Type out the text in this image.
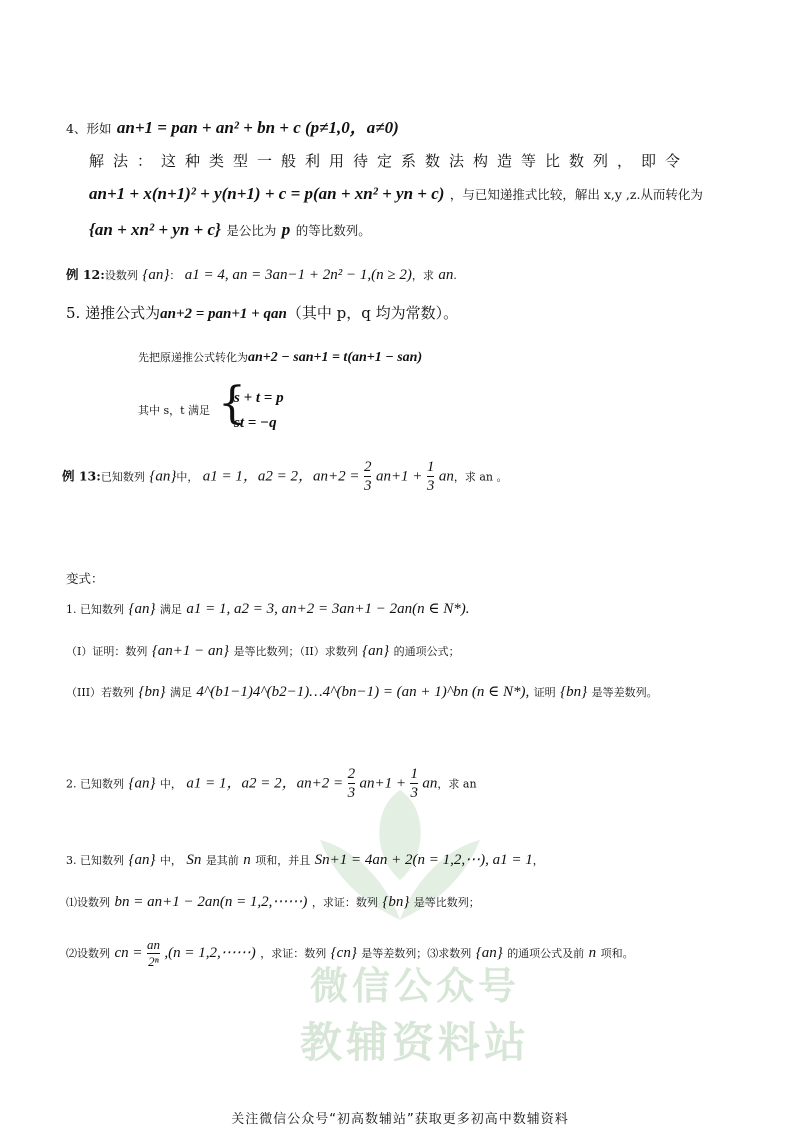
微信公众号
教辅资料站
4、形如 an+1 = pan + an² + bn + c (p≠1,0，a≠0)
解法：这种类型一般利用待定系数法构造等比数列，即令
an+1 + x(n+1)² + y(n+1) + c = p(an + xn² + yn + c) ，与已知递推式比较，解出 x,y ,z.从而转化为
{an + xn² + yn + c} 是公比为 p 的等比数列。
例 12:设数列 {an}： a1 = 4, an = 3an−1 + 2n² − 1,(n ≥ 2)，求 an.
5. 递推公式为an+2 = pan+1 + qan（其中 p，q 均为常数）。
先把原递推公式转化为an+2 − san+1 = t(an+1 − san)
其中 s，t 满足 {
s + t = p
st = −q
例 13:已知数列 {an}中， a1 = 1，a2 = 2，$an+2 = \frac{2}{3} an+1 + \frac{1}{3}$ an，求 an 。
变式：
1. 已知数列 {an} 满足 a1 = 1, a2 = 3, an+2 = 3an+1 − 2an(n ∈ N*).
（I）证明：数列 {an+1 − an} 是等比数列；（II）求数列 {an} 的通项公式；
（III）若数列 {bn} 满足 4^(b1−1)4^(b2−1)…4^(bn−1) = (an + 1)^bn (n ∈ N*), 证明 {bn} 是等差数列。
2. 已知数列 {an} 中， a1 = 1，a2 = 2，$an+2 = \frac{2}{3} an+1 + \frac{1}{3}$ an，求 an
3. 已知数列 {an} 中， Sn 是其前 n 项和，并且 Sn+1 = 4an + 2(n = 1,2,⋯), a1 = 1，
⑴设数列 bn = an+1 − 2an(n = 1,2,⋯⋯) ，求证：数列 {bn} 是等比数列；
⑵设数列 cn = $\frac{an}{\text{2ⁿ}} ,(n$ = 1,2,⋯⋯) ，求证：数列 {cn} 是等差数列；⑶求数列 {an} 的通项公式及前 n 项和。
关注微信公众号“初高数辅站”获取更多初高中数辅资料
